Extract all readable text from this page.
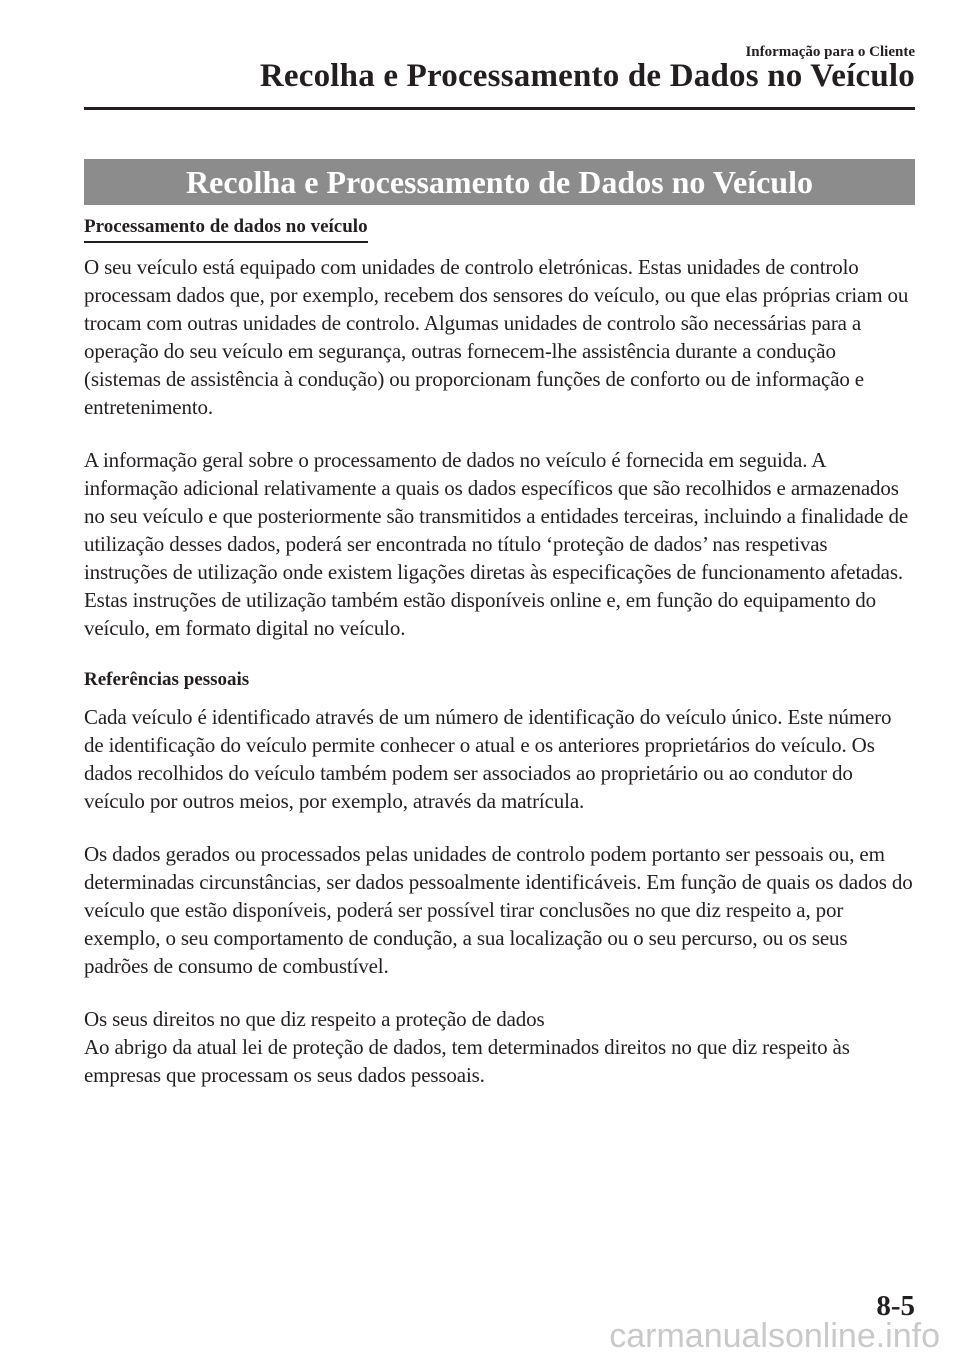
Informação para o Cliente
Recolha e Processamento de Dados no Veículo
Recolha e Processamento de Dados no Veículo
Processamento de dados no veículo

O seu veículo está equipado com unidades de controlo eletrónicas. Estas unidades de controlo processam dados que, por exemplo, recebem dos sensores do veículo, ou que elas próprias criam ou trocam com outras unidades de controlo. Algumas unidades de controlo são necessárias para a operação do seu veículo em segurança, outras fornecem-lhe assistência durante a condução (sistemas de assistência à condução) ou proporcionam funções de conforto ou de informação e entretenimento.

A informação geral sobre o processamento de dados no veículo é fornecida em seguida. A informação adicional relativamente a quais os dados específicos que são recolhidos e armazenados no seu veículo e que posteriormente são transmitidos a entidades terceiras, incluindo a finalidade de utilização desses dados, poderá ser encontrada no título ‘proteção de dados’ nas respetivas instruções de utilização onde existem ligações diretas às especificações de funcionamento afetadas. Estas instruções de utilização também estão disponíveis online e, em função do equipamento do veículo, em formato digital no veículo.

Referências pessoais

Cada veículo é identificado através de um número de identificação do veículo único. Este número de identificação do veículo permite conhecer o atual e os anteriores proprietários do veículo. Os dados recolhidos do veículo também podem ser associados ao proprietário ou ao condutor do veículo por outros meios, por exemplo, através da matrícula.

Os dados gerados ou processados pelas unidades de controlo podem portanto ser pessoais ou, em determinadas circunstâncias, ser dados pessoalmente identificáveis. Em função de quais os dados do veículo que estão disponíveis, poderá ser possível tirar conclusões no que diz respeito a, por exemplo, o seu comportamento de condução, a sua localização ou o seu percurso, ou os seus padrões de consumo de combustível.

Os seus direitos no que diz respeito a proteção de dados

Ao abrigo da atual lei de proteção de dados, tem determinados direitos no que diz respeito às empresas que processam os seus dados pessoais.

8-5
carmanualsonline.info
